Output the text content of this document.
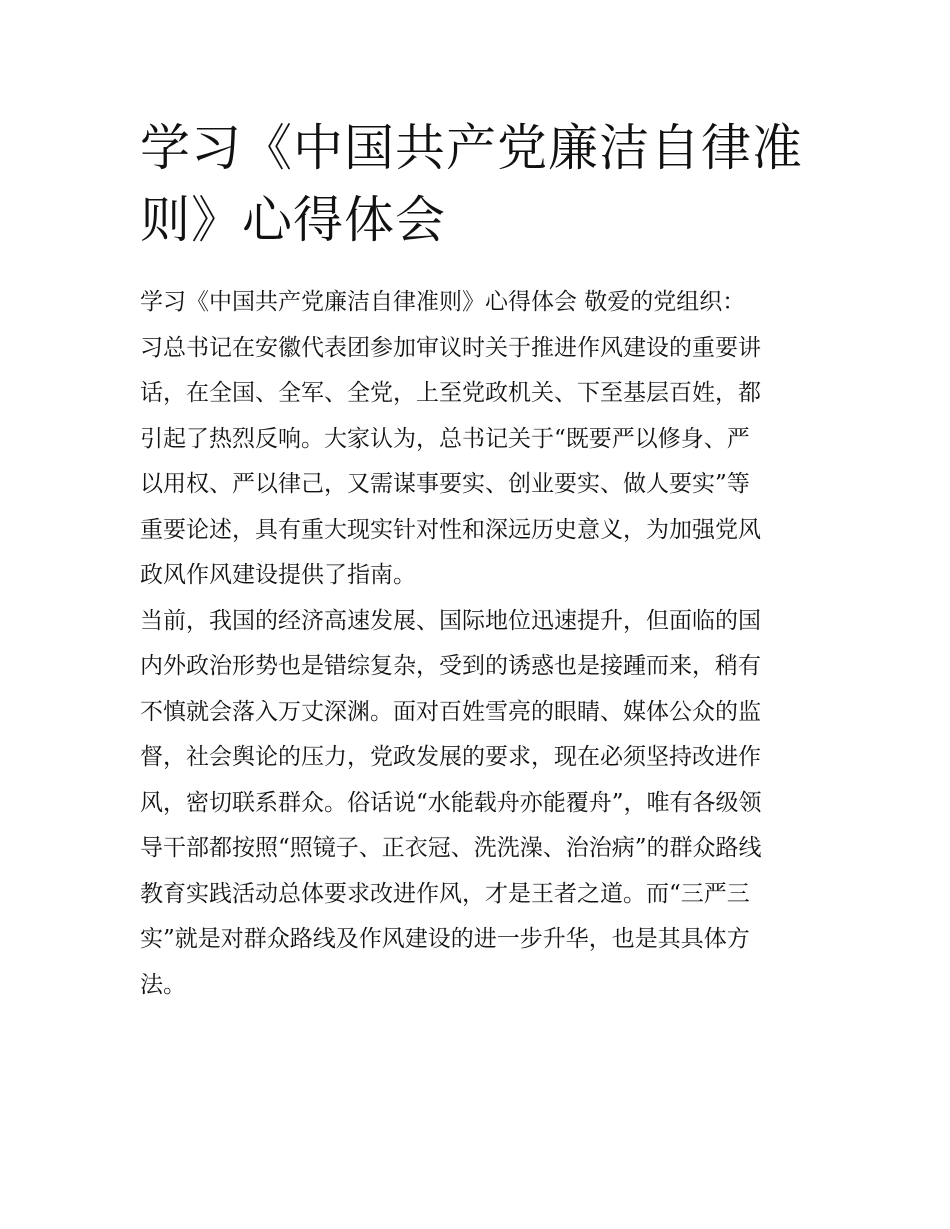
学习《中国共产党廉洁自律准
则》心得体会
学习《中国共产党廉洁自律准则》心得体会 敬爱的党组织：
习总书记在安徽代表团参加审议时关于推进作风建设的重要讲
话，在全国、全军、全党，上至党政机关、下至基层百姓，都
引起了热烈反响。大家认为，总书记关于“既要严以修身、严
以用权、严以律己，又需谋事要实、创业要实、做人要实”等
重要论述，具有重大现实针对性和深远历史意义，为加强党风
政风作风建设提供了指南。
当前，我国的经济高速发展、国际地位迅速提升，但面临的国
内外政治形势也是错综复杂，受到的诱惑也是接踵而来，稍有
不慎就会落入万丈深渊。面对百姓雪亮的眼睛、媒体公众的监
督，社会舆论的压力，党政发展的要求，现在必须坚持改进作
风，密切联系群众。俗话说“水能载舟亦能覆舟”，唯有各级领
导干部都按照“照镜子、正衣冠、洗洗澡、治治病”的群众路线
教育实践活动总体要求改进作风，才是王者之道。而“三严三
实”就是对群众路线及作风建设的进一步升华，也是其具体方
法。
